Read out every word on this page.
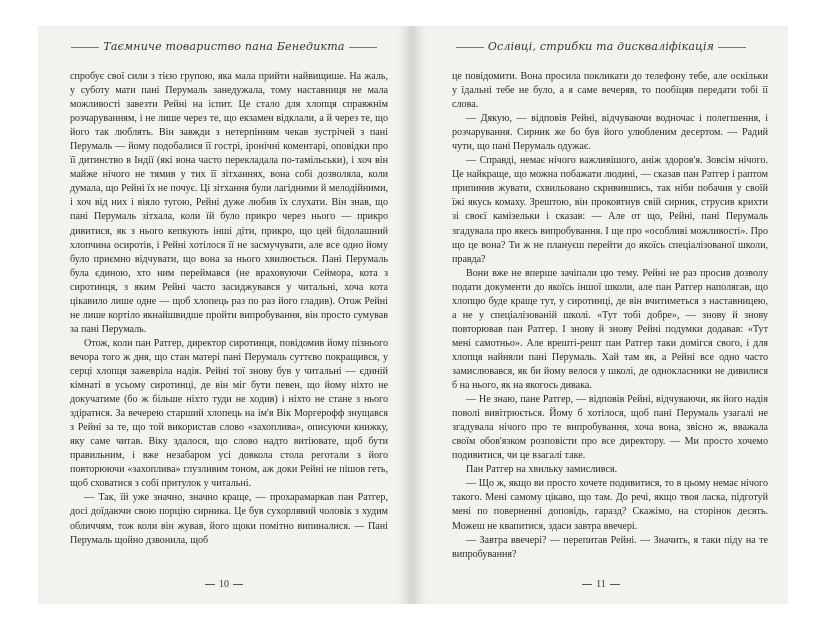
Таємниче товариство пана Бенедикта

спробує свої сили з тією групою, яка мала прийти найвищише. На жаль, у суботу мати пані Перумаль занедужала, тому наставниця не мала можливості завезти Рейні на іспит. Це стало для хлопця справжнім розчаруванням, і не лише через те, що екзамен відклали, а й через те, що його так люблять. Він завжди з нетерпінням чекав зустрічей з пані Перумаль — йому подобалися її гострі, іронічні коментарі, оповідки про її дитинство в Індії (які вона часто перекладала по-тамільськи), і хоч він майже нічого не тямив у тих її зітханнях, вона собі дозволяла, коли думала, що Рейні їх не почує. Ці зітхання були лагідними й мелодійними, і хоч від них і віяло тугою, Рейні дуже любив їх слухати. Він знав, що пані Перумаль зітхала, коли їй було прикро через нього — прикро дивитися, як з нього кепкують інші діти, прикро, що цей бідолашний хлопчина осиротів, і Рейні хотілося її не засмучувати, але все одно йому було приємно відчувати, що вона за нього хвилюється. Пані Перумаль була єдиною, хто ним переймався (не враховуючи Сеймора, кота з сиротинця, з яким Рейні часто засиджувався у читальні, хоча кота цікавило лише одне — щоб хлопець раз по раз його гладив). Отож Рейні не лише кортіло якнайшвидше пройти випробування, він просто сумував за пані Перумаль.

Отож, коли пан Ратгер, директор сиротинця, повідомив йому пізнього вечора того ж дня, що стан матері пані Перумаль суттєво покращився, у серці хлопця зажевріла надія. Рейні тої знову був у читальні — єдиній кімнаті в усьому сиротинці, де він міг бути певен, що йому ніхто не докучатиме (бо ж більше ніхто туди не ходив) і ніхто не стане з нього здіратися. За вечерею старший хлопець на ім'я Вік Моргерофф знущався з Рейні за те, що той використав слово «захоплива», описуючи книжку, яку саме читав. Віку здалося, що слово надто витіювате, щоб бути правильним, і вже незабаром усі довкола стола реготали з його повторюючи «захоплива» глузливим тоном, аж доки Рейні не пішов геть, щоб сховатися з собі притулок у читальні.

— Так, їй уже значно, значно краще, — прохарамаркав пан Ратгер, досі доїдаючи свою порцію сирника. Це був сухорлявий чоловік з худим обличчям, тож коли він жував, його щоки помітно випиналися. — Пані Перумаль щойно дзвонила, щоб

10
Ослівці, стрибки та дискваліфікація

це повідомити. Вона просила покликати до телефону тебе, але оскільки у їдальні тебе не було, а я саме вечеряв, то пообіцяв передати тобі її слова.

— Дякую, — відповів Рейні, відчуваючи водночас і полегшення, і розчарування. Сирник же бо був його улюбленим десертом. — Радий чути, що пані Перумаль одужає.

— Справді, немає нічого важливішого, аніж здоров'я. Зовсім нічого. Це найкраще, що можна побажати людині, — сказав пан Ратгер і раптом припинив жувати, схвильовано скривившись, так ніби побачив у своїй їжі якусь комаху. Зрештою, він проковтнув свій сирник, струсив крихти зі своєї камізельки і сказав: — Але от що, Рейні, пані Перумаль згадувала про якесь випробування. І ще про «особливі можливості». Про що це вона? Ти ж не плануєш перейти до якоїсь спеціалізованої школи, правда?

Вони вже не вперше зачіпали цю тему. Рейні не раз просив дозволу подати документи до якоїсь іншої школи, але пан Ратгер наполягав, що хлопцю буде краще тут, у сиротинці, де він вчитиметься з наставницею, а не у спеціалізованій школі. «Тут тобі добре», — знову й знову повторював пан Ратгер. І знову й знову Рейні подумки додавав: «Тут мені самотньо». Але врешті-решт пан Ратгер таки домігся свого, і для хлопця найняли пані Перумаль. Хай там як, а Рейні все одно часто замислювався, як би йому велося у школі, де однокласники не дивилися б на нього, як на якогось дивака.

— Не знаю, пане Ратгер, — відповів Рейні, відчуваючи, як його надія поволі вивітрюється. Йому б хотілося, щоб пані Перумаль узагалі не згадувала нічого про те випробування, хоча вона, звісно ж, вважала своїм обов'язком розповісти про все директору. — Ми просто хочемо подивитися, чи це взагалі таке.

Пан Ратгер на хвильку замислився.

— Що ж, якщо ви просто хочете подивитися, то в цьому немає нічого такого. Мені самому цікаво, що там. До речі, якщо твоя ласка, підготуй мені по поверненні доповідь, гаразд? Скажімо, на сторінок десять. Можеш не квапитися, здаси завтра ввечері.

— Завтра ввечері? — перепитав Рейні. — Значить, я таки піду на те випробування?

11
